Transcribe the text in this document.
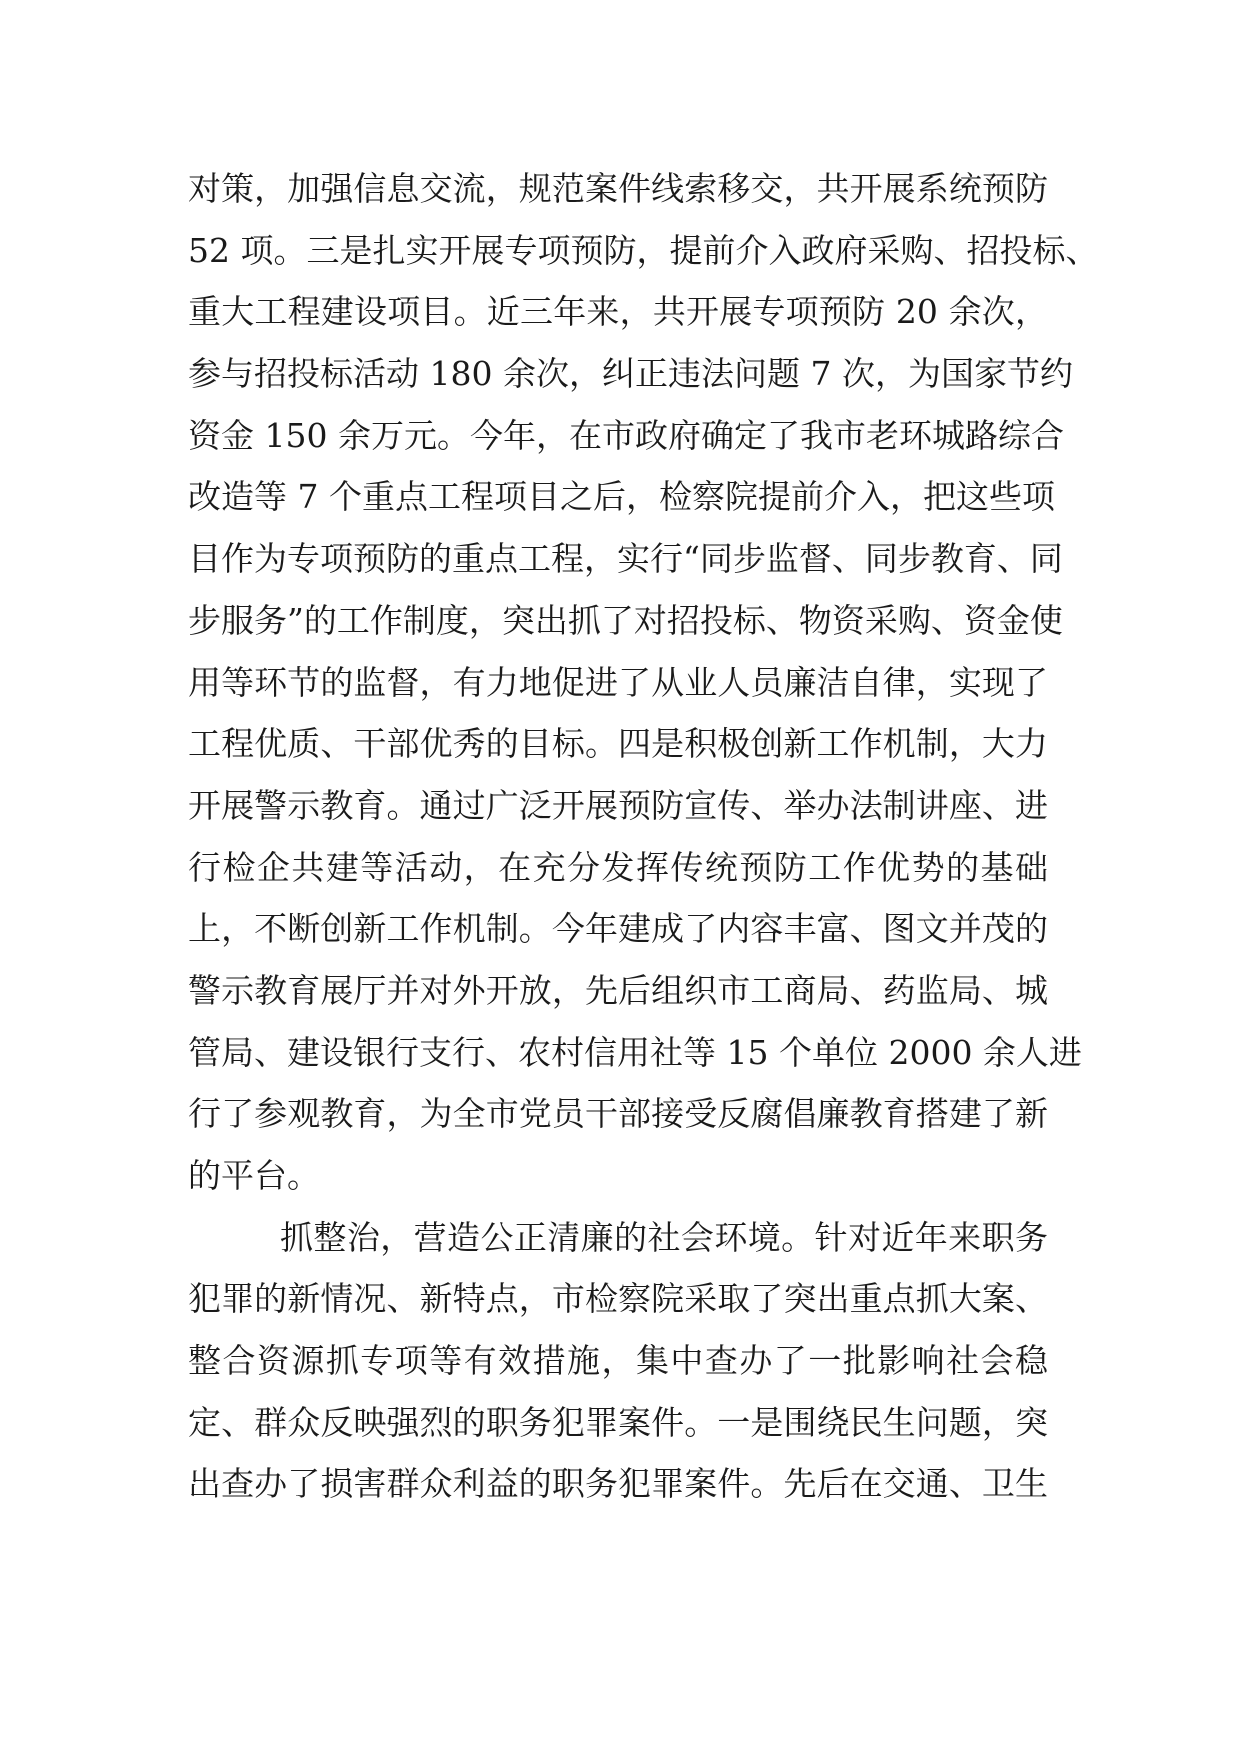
对策，加强信息交流，规范案件线索移交，共开展系统预防
52 项。三是扎实开展专项预防，提前介入政府采购、招投标、
重大工程建设项目。近三年来，共开展专项预防 20 余次，
参与招投标活动 180 余次，纠正违法问题 7 次，为国家节约
资金 150 余万元。今年，在市政府确定了我市老环城路综合
改造等 7 个重点工程项目之后，检察院提前介入，把这些项
目作为专项预防的重点工程，实行“同步监督、同步教育、同
步服务”的工作制度，突出抓了对招投标、物资采购、资金使
用等环节的监督，有力地促进了从业人员廉洁自律，实现了
工程优质、干部优秀的目标。四是积极创新工作机制，大力
开展警示教育。通过广泛开展预防宣传、举办法制讲座、进
行检企共建等活动，在充分发挥传统预防工作优势的基础
上，不断创新工作机制。今年建成了内容丰富、图文并茂的
警示教育展厅并对外开放，先后组织市工商局、药监局、城
管局、建设银行支行、农村信用社等 15 个单位 2000 余人进
行了参观教育，为全市党员干部接受反腐倡廉教育搭建了新
的平台。
抓整治，营造公正清廉的社会环境。针对近年来职务
犯罪的新情况、新特点，市检察院采取了突出重点抓大案、
整合资源抓专项等有效措施，集中查办了一批影响社会稳
定、群众反映强烈的职务犯罪案件。一是围绕民生问题，突
出查办了损害群众利益的职务犯罪案件。先后在交通、卫生
